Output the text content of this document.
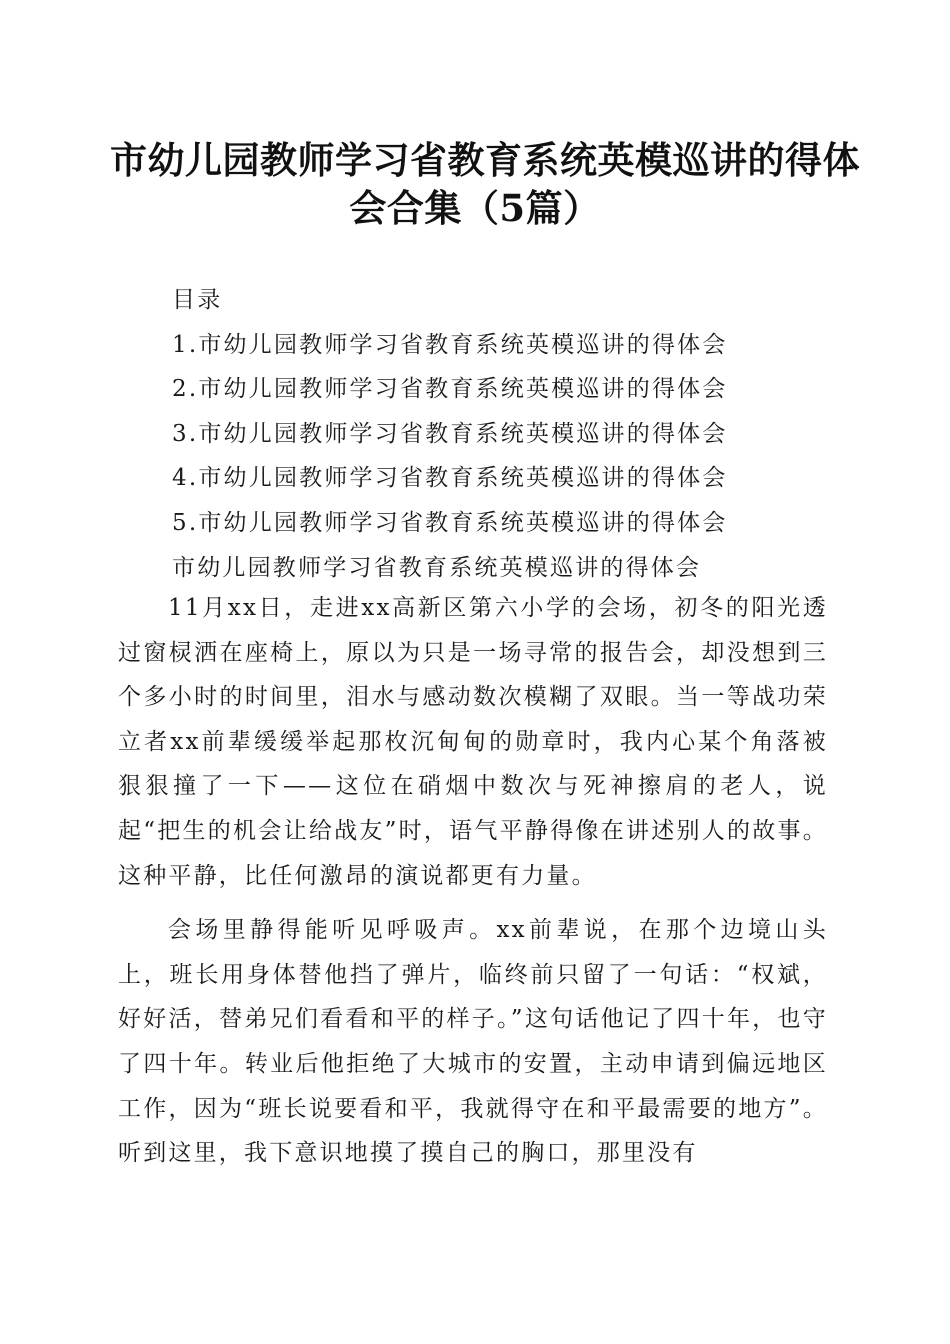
市幼儿园教师学习省教育系统英模巡讲的得体
会合集（5篇）
目录
1.市幼儿园教师学习省教育系统英模巡讲的得体会
2.市幼儿园教师学习省教育系统英模巡讲的得体会
3.市幼儿园教师学习省教育系统英模巡讲的得体会
4.市幼儿园教师学习省教育系统英模巡讲的得体会
5.市幼儿园教师学习省教育系统英模巡讲的得体会
市幼儿园教师学习省教育系统英模巡讲的得体会

11月xx日，走进xx高新区第六小学的会场，初冬的阳光透过窗棂洒在座椅上，原以为只是一场寻常的报告会，却没想到三个多小时的时间里，泪水与感动数次模糊了双眼。当一等战功荣立者xx前辈缓缓举起那枚沉甸甸的勋章时，我内心某个角落被狠狠撞了一下——这位在硝烟中数次与死神擦肩的老人，说起“把生的机会让给战友”时，语气平静得像在讲述别人的故事。这种平静，比任何激昂的演说都更有力量。

会场里静得能听见呼吸声。xx前辈说，在那个边境山头上，班长用身体替他挡了弹片，临终前只留了一句话：“权斌，好好活，替弟兄们看看和平的样子。”这句话他记了四十年，也守了四十年。转业后他拒绝了大城市的安置，主动申请到偏远地区工作，因为“班长说要看和平，我就得守在和平最需要的地方”。听到这里，我下意识地摸了摸自己的胸口，那里没有
